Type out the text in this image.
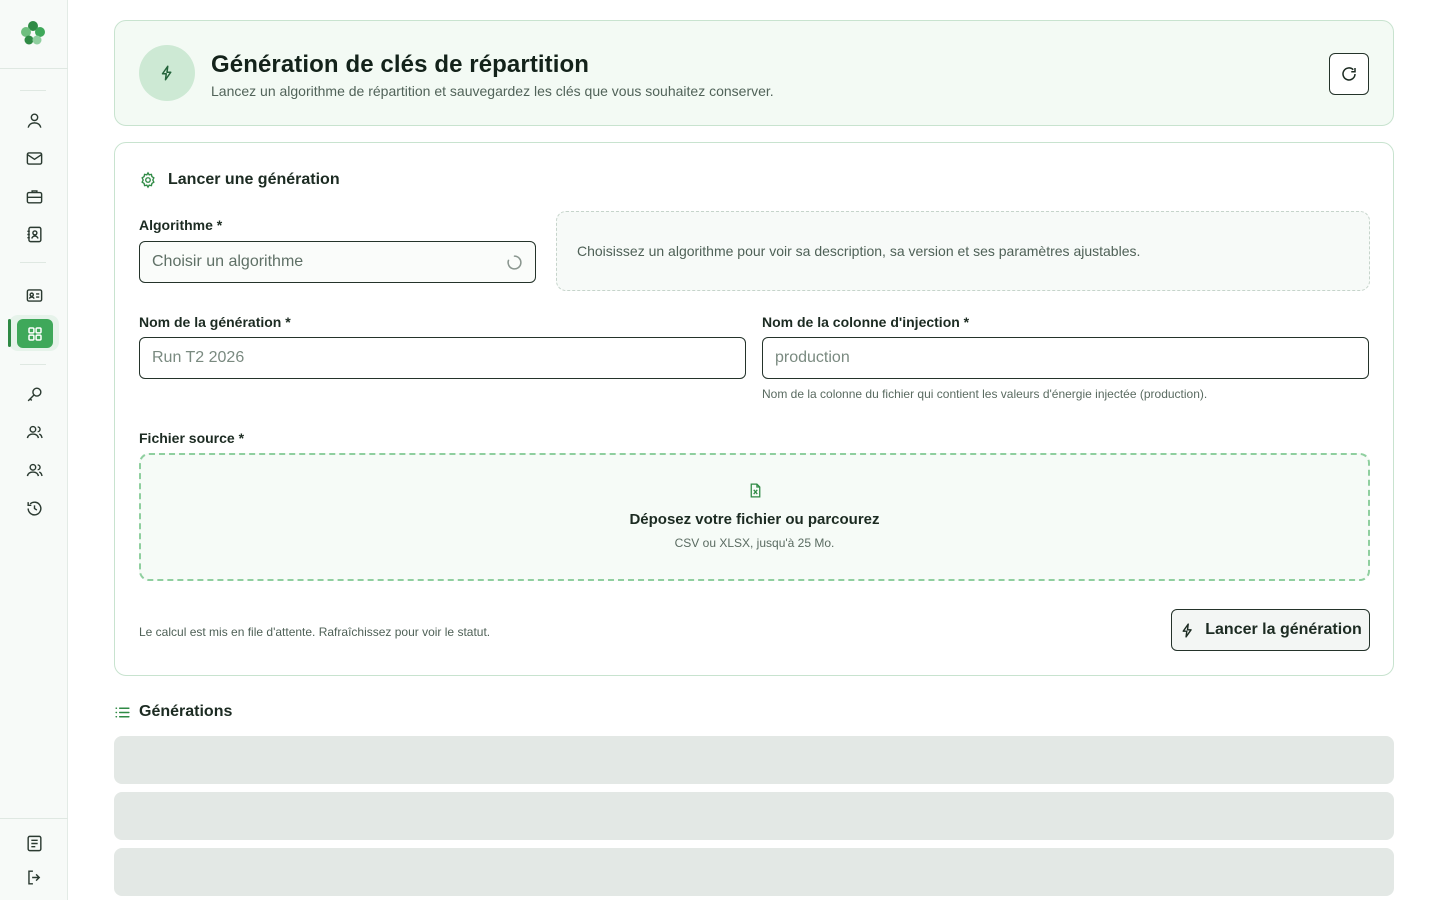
Génération de clés de répartition

Lancez un algorithme de répartition et sauvegardez les clés que vous souhaitez conserver.

Lancer une génération
Algorithme *
Choisir un algorithme
Choisissez un algorithme pour voir sa description, sa version et ses paramètres ajustables.
Nom de la génération *
Run T2 2026	Nom de la colonne d'injection *
production

Nom de la colonne du fichier qui contient les valeurs d'énergie injectée (production).

Fichier source *
Déposez votre fichier ou parcourez
CSV ou XLSX, jusqu'à 25 Mo.

Le calcul est mis en file d'attente. Rafraîchissez pour voir le statut.	Lancer la génération
Générations
